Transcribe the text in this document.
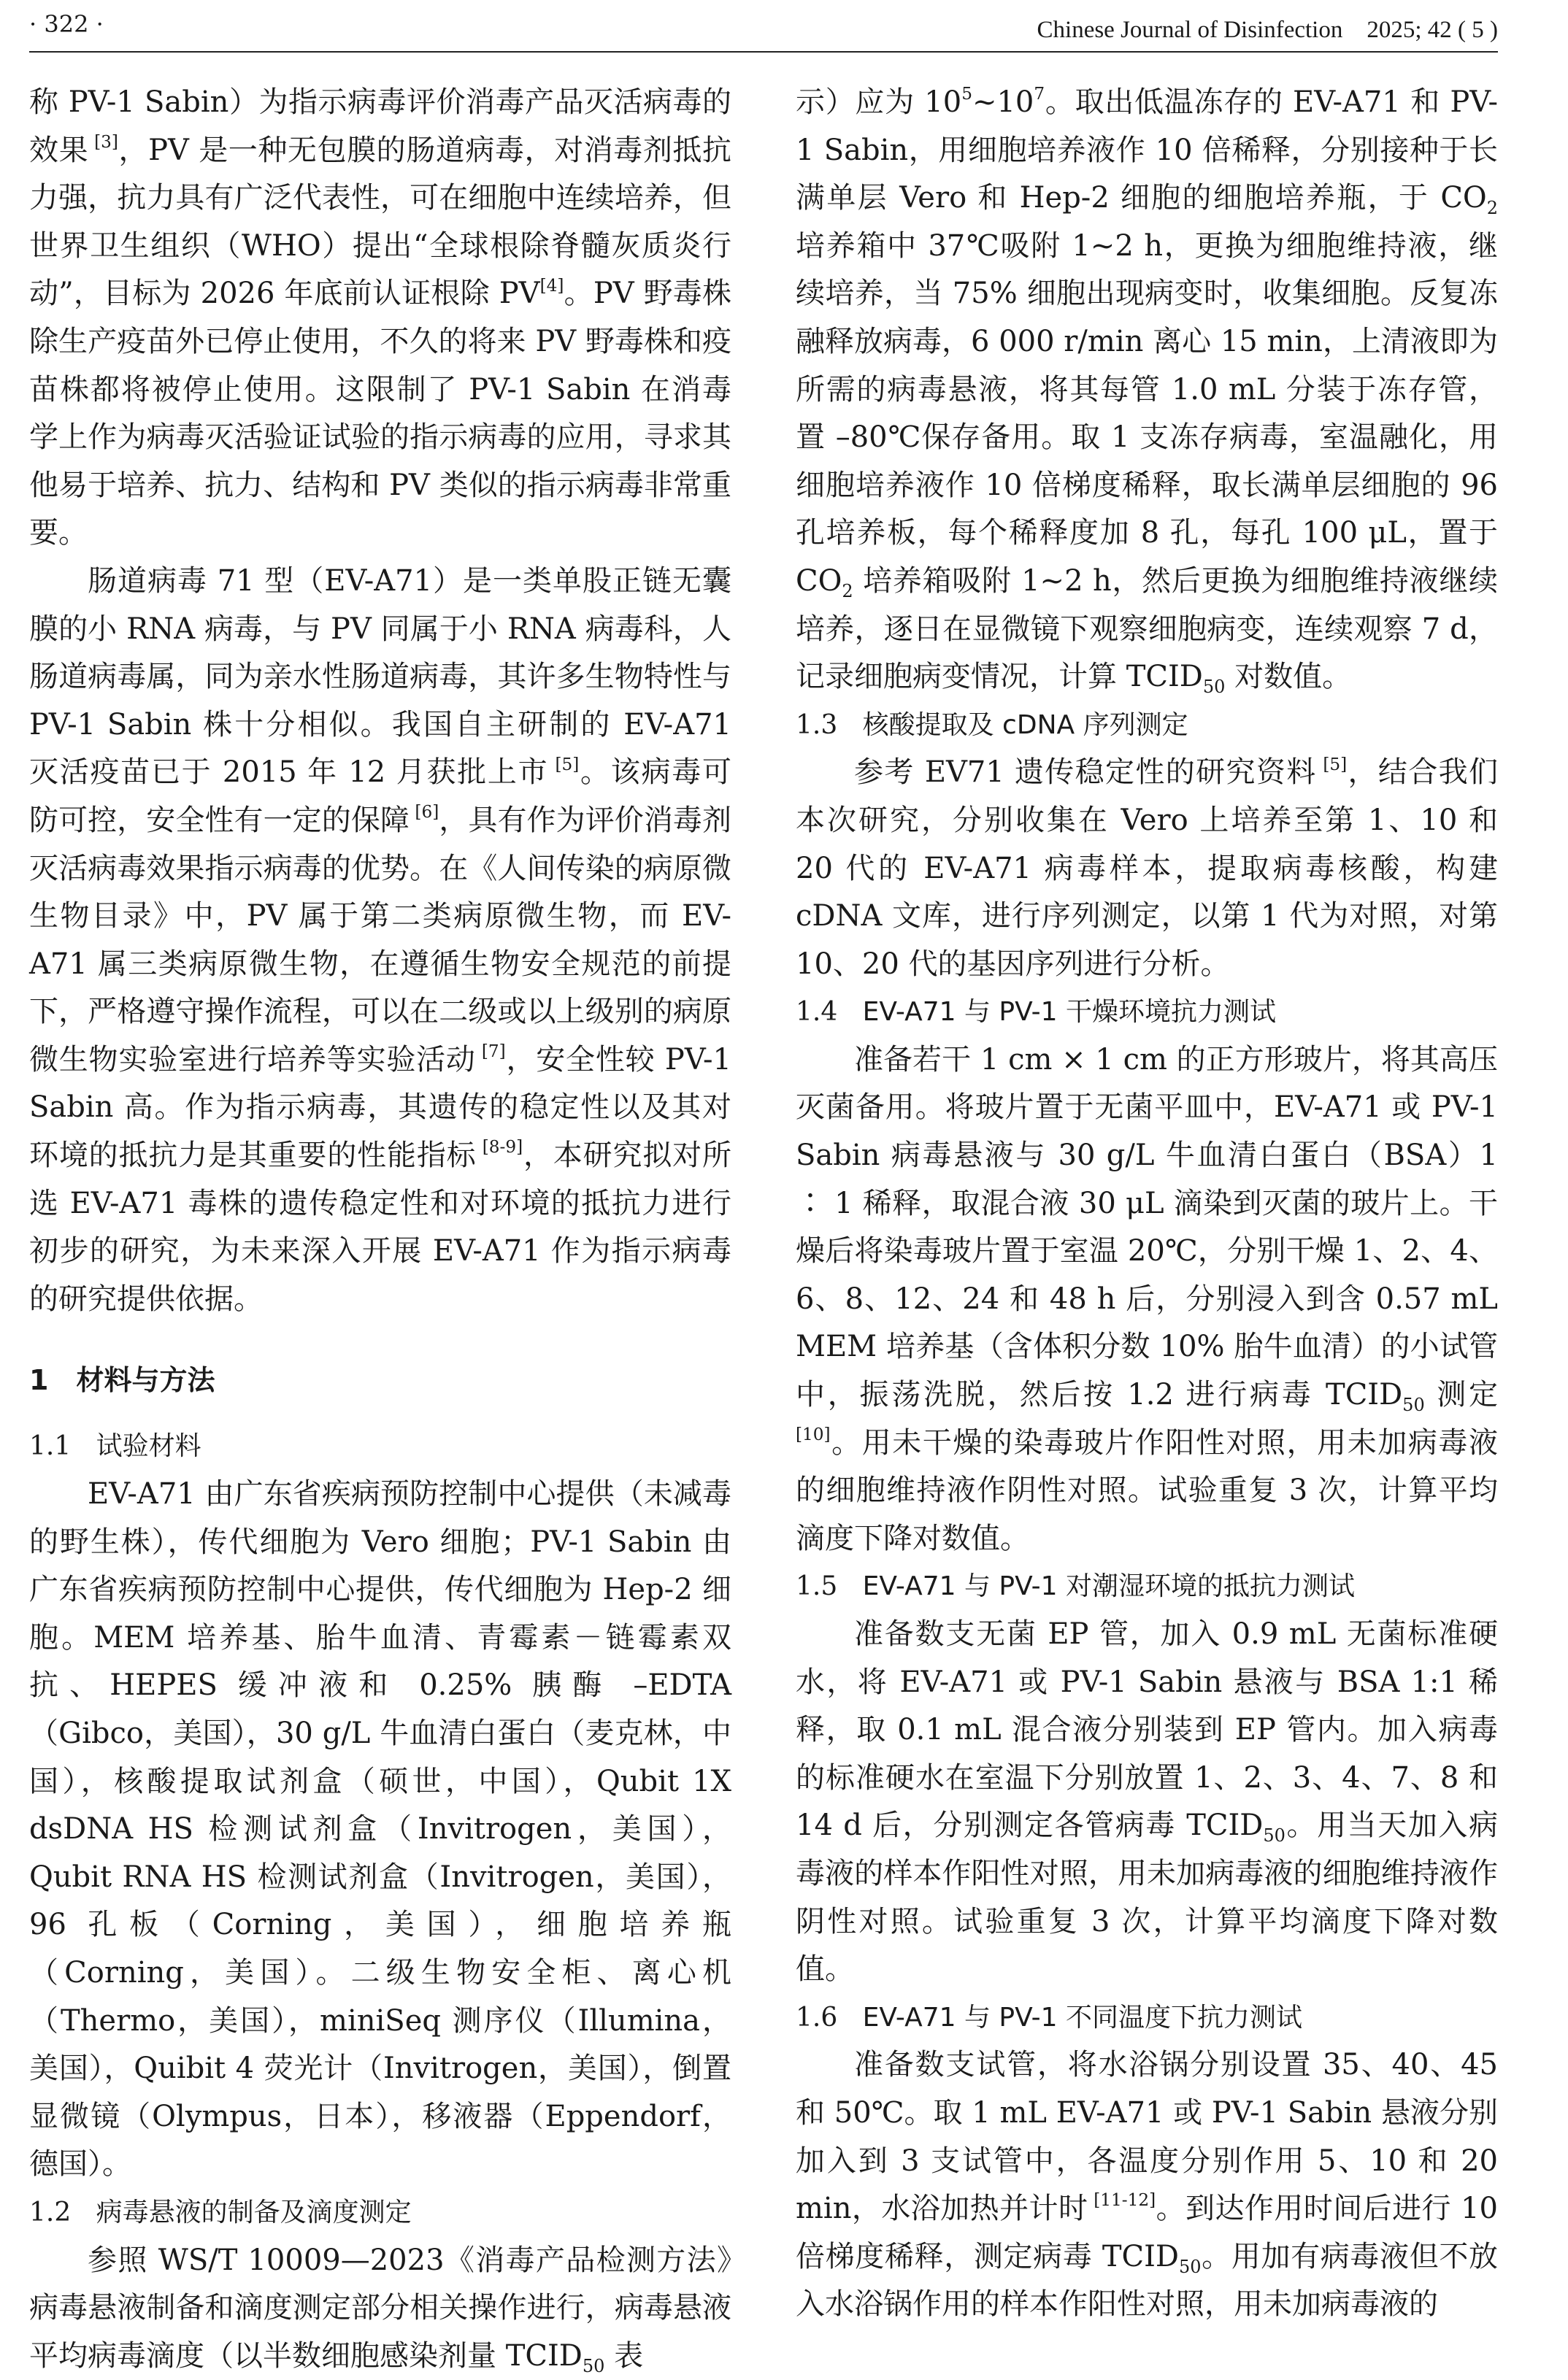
· 322 ·	Chinese Journal of Disinfection　2025; 42 ( 5 )

称 PV-1 Sabin）为指示病毒评价消毒产品灭活病毒的效果 [3]，PV 是一种无包膜的肠道病毒，对消毒剂抵抗力强，抗力具有广泛代表性，可在细胞中连续培养，但世界卫生组织（WHO）提出“全球根除脊髓灰质炎行动”，目标为 2026 年底前认证根除 PV[4]。PV 野毒株除生产疫苗外已停止使用，不久的将来 PV 野毒株和疫苗株都将被停止使用。这限制了 PV-1 Sabin 在消毒学上作为病毒灭活验证试验的指示病毒的应用，寻求其他易于培养、抗力、结构和 PV 类似的指示病毒非常重要。

肠道病毒 71 型（EV-A71）是一类单股正链无囊膜的小 RNA 病毒，与 PV 同属于小 RNA 病毒科，人肠道病毒属，同为亲水性肠道病毒，其许多生物特性与 PV-1 Sabin 株十分相似。我国自主研制的 EV-A71 灭活疫苗已于 2015 年 12 月获批上市 [5]。该病毒可防可控，安全性有一定的保障 [6]，具有作为评价消毒剂灭活病毒效果指示病毒的优势。在《人间传染的病原微生物目录》中，PV 属于第二类病原微生物，而 EV-A71 属三类病原微生物，在遵循生物安全规范的前提下，严格遵守操作流程，可以在二级或以上级别的病原微生物实验室进行培养等实验活动 [7]，安全性较 PV-1 Sabin 高。作为指示病毒，其遗传的稳定性以及其对环境的抵抗力是其重要的性能指标 [8-9]，本研究拟对所选 EV-A71 毒株的遗传稳定性和对环境的抵抗力进行初步的研究，为未来深入开展 EV-A71 作为指示病毒的研究提供依据。

1　材料与方法
1.1 试验材料

EV-A71 由广东省疾病预防控制中心提供（未减毒的野生株），传代细胞为 Vero 细胞；PV-1 Sabin 由广东省疾病预防控制中心提供，传代细胞为 Hep-2 细胞。MEM 培养基、胎牛血清、青霉素－链霉素双抗、HEPES 缓冲液和 0.25% 胰酶 –EDTA（Gibco，美国），30 g/L 牛血清白蛋白（麦克林，中国），核酸提取试剂盒（硕世，中国），Qubit 1X dsDNA HS 检测试剂盒（Invitrogen，美国），Qubit RNA HS 检测试剂盒（Invitrogen，美国），96 孔板（Corning，美国），细胞培养瓶（Corning，美国）。二级生物安全柜、离心机（Thermo，美国），miniSeq 测序仪（Illumina，美国），Quibit 4 荧光计（Invitrogen，美国），倒置显微镜（Olympus，日本），移液器（Eppendorf，德国）。

1.2 病毒悬液的制备及滴度测定

参照 WS/T 10009—2023《消毒产品检测方法》病毒悬液制备和滴度测定部分相关操作进行，病毒悬液平均病毒滴度（以半数细胞感染剂量 $TCID_{50}$ 表

示）应为 $10^5\sim 10^7$。取出低温冻存的 EV-A71 和 PV-1 Sabin，用细胞培养液作 10 倍稀释，分别接种于长满单层 Vero 和 Hep-2 细胞的细胞培养瓶，于 $CO_2$ 培养箱中 37℃吸附 1~2 h，更换为细胞维持液，继续培养，当 75% 细胞出现病变时，收集细胞。反复冻融释放病毒，6 000 r/min 离心 15 min，上清液即为所需的病毒悬液，将其每管 1.0 mL 分装于冻存管，置 –80℃保存备用。取 1 支冻存病毒，室温融化，用细胞培养液作 10 倍梯度稀释，取长满单层细胞的 96 孔培养板，每个稀释度加 8 孔，每孔 100 μL，置于 $CO_2$ 培养箱吸附 1~2 h，然后更换为细胞维持液继续培养，逐日在显微镜下观察细胞病变，连续观察 7 d，记录细胞病变情况，计算 $TCID_{50}$ 对数值。

1.3 核酸提取及 cDNA 序列测定

参考 EV71 遗传稳定性的研究资料 [5]，结合我们本次研究，分别收集在 Vero 上培养至第 1、10 和 20 代的 EV-A71 病毒样本，提取病毒核酸，构建 cDNA 文库，进行序列测定，以第 1 代为对照，对第 10、20 代的基因序列进行分析。

1.4 EV-A71 与 PV-1 干燥环境抗力测试

准备若干 1 cm × 1 cm 的正方形玻片，将其高压灭菌备用。将玻片置于无菌平皿中，EV-A71 或 PV-1 Sabin 病毒悬液与 30 g/L 牛血清白蛋白（BSA）1 ∶ 1 稀释，取混合液 30 μL 滴染到灭菌的玻片上。干燥后将染毒玻片置于室温 20℃，分别干燥 1、2、4、6、8、12、24 和 48 h 后，分别浸入到含 0.57 mL MEM 培养基（含体积分数 10% 胎牛血清）的小试管中，振荡洗脱，然后按 1.2 进行病毒 $TCID_{50}$ 测定 [10]。用未干燥的染毒玻片作阳性对照，用未加病毒液的细胞维持液作阴性对照。试验重复 3 次，计算平均滴度下降对数值。

1.5 EV-A71 与 PV-1 对潮湿环境的抵抗力测试

准备数支无菌 EP 管，加入 0.9 mL 无菌标准硬水，将 EV-A71 或 PV-1 Sabin 悬液与 BSA 1:1 稀释，取 0.1 mL 混合液分别装到 EP 管内。加入病毒的标准硬水在室温下分别放置 1、2、3、4、7、8 和 14 d 后，分别测定各管病毒 $TCID_{50}$。用当天加入病毒液的样本作阳性对照，用未加病毒液的细胞维持液作阴性对照。试验重复 3 次，计算平均滴度下降对数值。

1.6 EV-A71 与 PV-1 不同温度下抗力测试

准备数支试管，将水浴锅分别设置 35、40、45 和 50℃。取 1 mL EV-A71 或 PV-1 Sabin 悬液分别加入到 3 支试管中，各温度分别作用 5、10 和 20 min，水浴加热并计时 [11-12]。到达作用时间后进行 10 倍梯度稀释，测定病毒 $TCID_{50}$。用加有病毒液但不放入水浴锅作用的样本作阳性对照，用未加病毒液的
